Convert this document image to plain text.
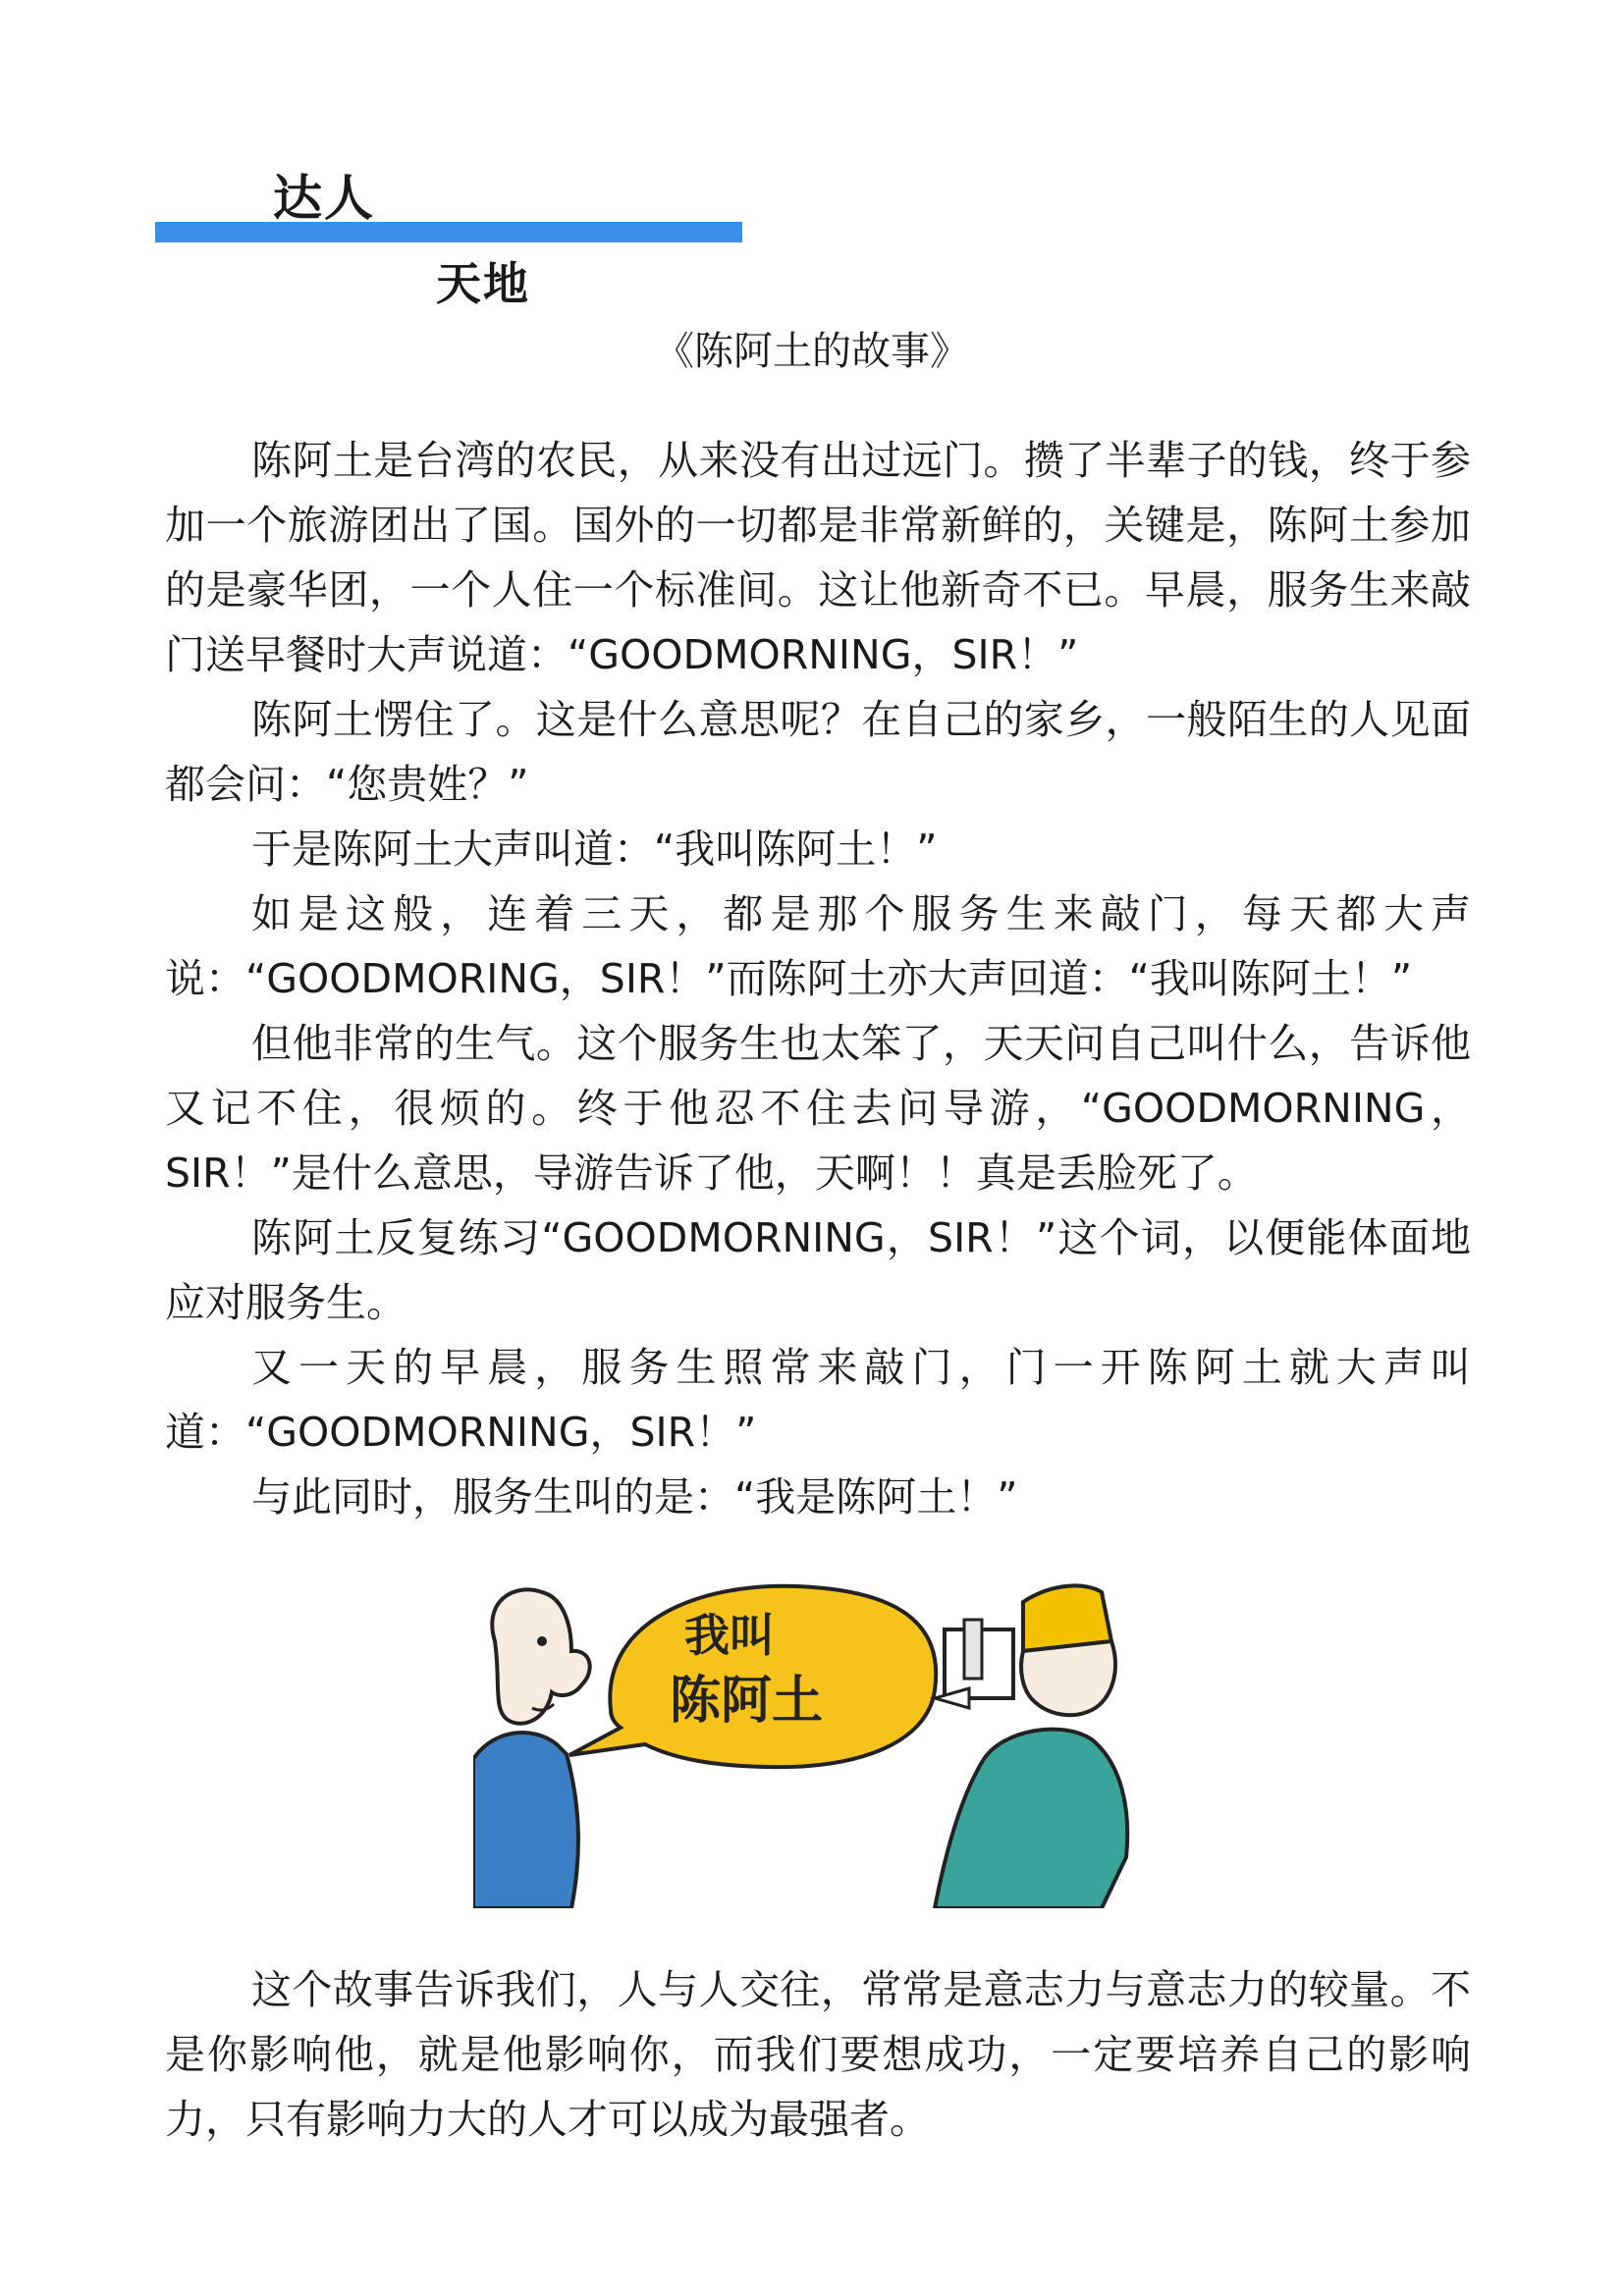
达人
天地
《陈阿土的故事》

陈阿土是台湾的农民，从来没有出过远门。攒了半辈子的钱，终于参加一个旅游团出了国。国外的一切都是非常新鲜的，关键是，陈阿土参加的是豪华团，一个人住一个标准间。这让他新奇不已。早晨，服务生来敲门送早餐时大声说道：“GOODMORNING，SIR！”

陈阿土愣住了。这是什么意思呢？在自己的家乡，一般陌生的人见面都会问：“您贵姓？”

于是陈阿土大声叫道：“我叫陈阿土！”

如是这般，连着三天，都是那个服务生来敲门，每天都大声说：“GOODMORING，SIR！”而陈阿土亦大声回道：“我叫陈阿土！”

但他非常的生气。这个服务生也太笨了，天天问自己叫什么，告诉他又记不住，很烦的。终于他忍不住去问导游，“GOODMORNING，SIR！”是什么意思，导游告诉了他，天啊！！真是丢脸死了。

陈阿土反复练习“GOODMORNING，SIR！”这个词，以便能体面地应对服务生。

又一天的早晨，服务生照常来敲门，门一开陈阿土就大声叫道：“GOODMORNING，SIR！”

与此同时，服务生叫的是：“我是陈阿土！”

我叫
陈阿土

这个故事告诉我们，人与人交往，常常是意志力与意志力的较量。不是你影响他，就是他影响你，而我们要想成功，一定要培养自己的影响力，只有影响力大的人才可以成为最强者。
